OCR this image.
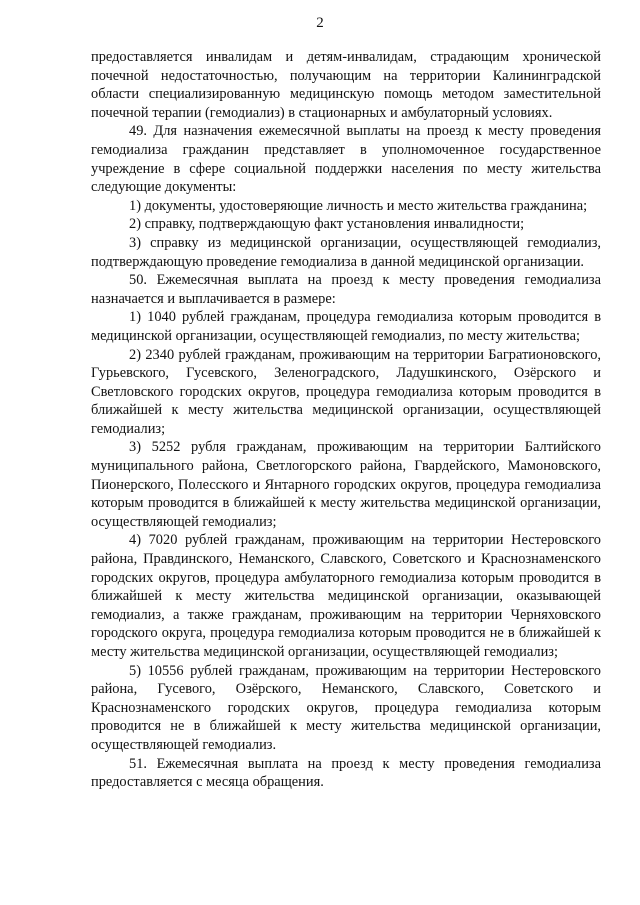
2

предоставляется инвалидам и детям-инвалидам, страдающим хронической почечной недостаточностью, получающим на территории Калининградской области специализированную медицинскую помощь методом заместительной почечной терапии (гемодиализ) в стационарных и амбулаторный условиях.

49. Для назначения ежемесячной выплаты на проезд к месту проведения гемодиализа гражданин представляет в уполномоченное государственное учреждение в сфере социальной поддержки населения по месту жительства следующие документы:

1) документы, удостоверяющие личность и место жительства гражданина;

2) справку, подтверждающую факт установления инвалидности;

3) справку из медицинской организации, осуществляющей гемодиализ, подтверждающую проведение гемодиализа в данной медицинской организации.

50. Ежемесячная выплата на проезд к месту проведения гемодиализа назначается и выплачивается в размере:

1) 1040 рублей гражданам, процедура гемодиализа которым проводится в медицинской организации, осуществляющей гемодиализ, по месту жительства;

2) 2340 рублей гражданам, проживающим на территории Багратионовского, Гурьевского, Гусевского, Зеленоградского, Ладушкинского, Озёрского и Светловского городских округов, процедура гемодиализа которым проводится в ближайшей к месту жительства медицинской организации, осуществляющей гемодиализ;

3) 5252 рубля гражданам, проживающим на территории Балтийского муниципального района, Светлогорского района, Гвардейского, Мамоновского, Пионерского, Полесского и Янтарного городских округов, процедура гемодиализа которым проводится в ближайшей к месту жительства медицинской организации, осуществляющей гемодиализ;

4) 7020 рублей гражданам, проживающим на территории Нестеровского района, Правдинского, Неманского, Славского, Советского и Краснознаменского городских округов, процедура амбулаторного гемодиализа которым проводится в ближайшей к месту жительства медицинской организации, оказывающей гемодиализ, а также гражданам, проживающим на территории Черняховского городского округа, процедура гемодиализа которым проводится не в ближайшей к месту жительства медицинской организации, осуществляющей гемодиализ;

5) 10556 рублей гражданам, проживающим на территории Нестеровского района, Гусевого, Озёрского, Неманского, Славского, Советского и Краснознаменского городских округов, процедура гемодиализа которым проводится не в ближайшей к месту жительства медицинской организации, осуществляющей гемодиализ.

51. Ежемесячная выплата на проезд к месту проведения гемодиализа предоставляется с месяца обращения.
